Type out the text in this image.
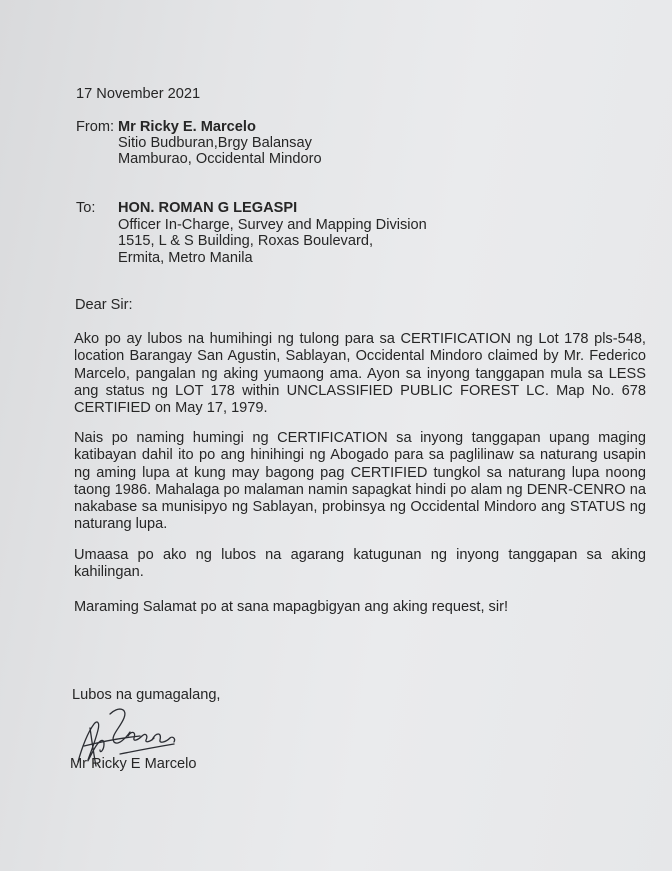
17 November 2021
From: Mr Ricky E. Marcelo
Sitio Budburan,Brgy Balansay
Mamburao, Occidental Mindoro
To: HON. ROMAN G LEGASPI
Officer In-Charge, Survey and Mapping Division
1515, L & S Building, Roxas Boulevard,
Ermita, Metro Manila
Dear Sir:
Ako po ay lubos na humihingi ng tulong para sa CERTIFICATION ng Lot 178 pls-548, location Barangay San Agustin, Sablayan, Occidental Mindoro claimed by Mr. Federico Marcelo, pangalan ng aking yumaong ama. Ayon sa inyong tanggapan mula sa LESS ang status ng LOT 178 within UNCLASSIFIED PUBLIC FOREST LC. Map No. 678 CERTIFIED on May 17, 1979.
Nais po naming humingi ng CERTIFICATION sa inyong tanggapan upang maging katibayan dahil ito po ang hinihingi ng Abogado para sa paglilinaw sa naturang usapin ng aming lupa at kung may bagong pag CERTIFIED tungkol sa naturang lupa noong taong 1986. Mahalaga po malaman namin sapagkat hindi po alam ng DENR-CENRO na nakabase sa munisipyo ng Sablayan, probinsya ng Occidental Mindoro ang STATUS ng naturang lupa.
Umaasa po ako ng lubos na agarang katugunan ng inyong tanggapan sa aking kahilingan.
Maraming Salamat po at sana mapagbigyan ang aking request, sir!
Lubos na gumagalang,
Mr Ricky E Marcelo
